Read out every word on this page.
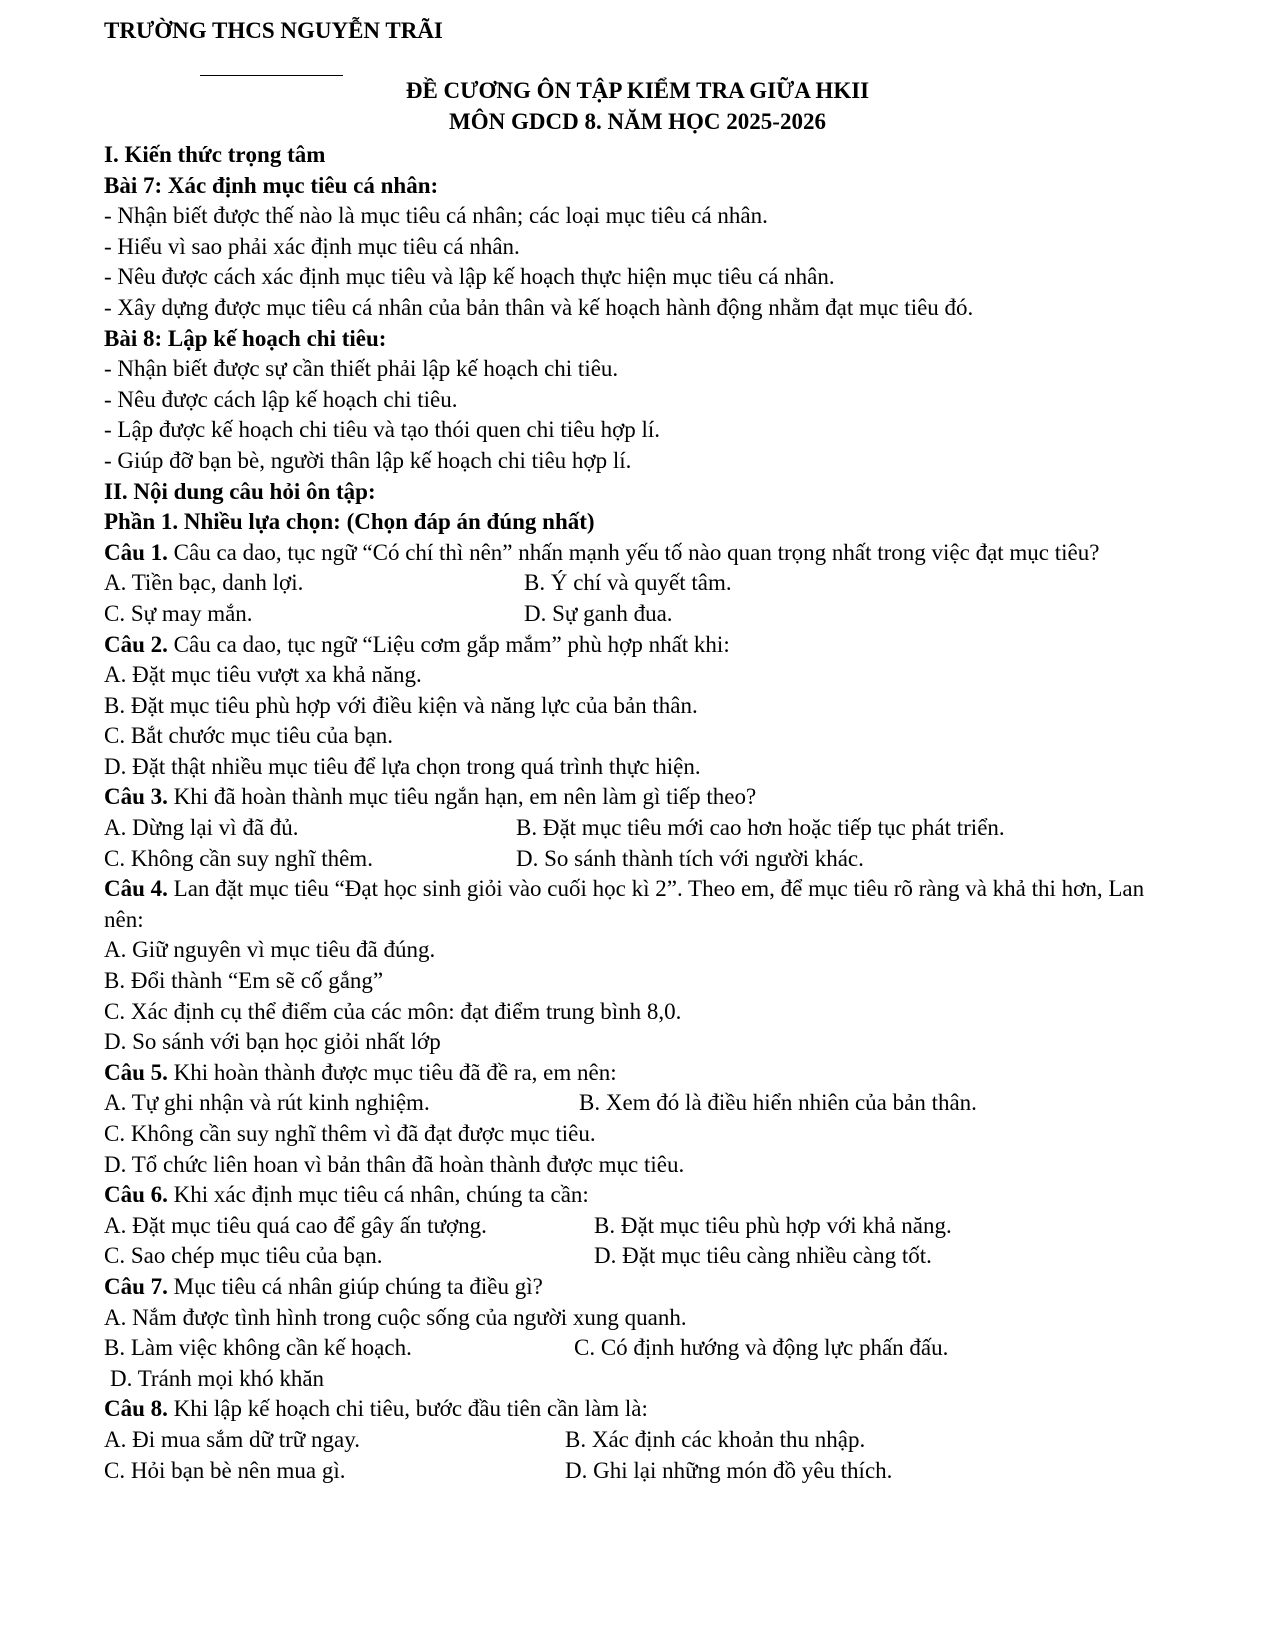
TRƯỜNG THCS NGUYỄN TRÃI
ĐỀ CƯƠNG ÔN TẬP KIỂM TRA GIỮA HKII
MÔN GDCD 8. NĂM HỌC 2025-2026
I. Kiến thức trọng tâm
Bài 7: Xác định mục tiêu cá nhân:
- Nhận biết được thế nào là mục tiêu cá nhân; các loại mục tiêu cá nhân.
- Hiểu vì sao phải xác định mục tiêu cá nhân.
- Nêu được cách xác định mục tiêu và lập kế hoạch thực hiện mục tiêu cá nhân.
- Xây dựng được mục tiêu cá nhân của bản thân và kế hoạch hành động nhằm đạt mục tiêu đó.
Bài 8: Lập kế hoạch chi tiêu:
- Nhận biết được sự cần thiết phải lập kế hoạch chi tiêu.
- Nêu được cách lập kế hoạch chi tiêu.
- Lập được kế hoạch chi tiêu và tạo thói quen chi tiêu hợp lí.
- Giúp đỡ bạn bè, người thân lập kế hoạch chi tiêu hợp lí.
II. Nội dung câu hỏi ôn tập:
Phần 1. Nhiều lựa chọn: (Chọn đáp án đúng nhất)
Câu 1. Câu ca dao, tục ngữ “Có chí thì nên” nhấn mạnh yếu tố nào quan trọng nhất trong việc đạt mục tiêu?
A. Tiền bạc, danh lợi.	B. Ý chí và quyết tâm.
C. Sự may mắn.	D. Sự ganh đua.
Câu 2. Câu ca dao, tục ngữ “Liệu cơm gắp mắm” phù hợp nhất khi:
A. Đặt mục tiêu vượt xa khả năng.
B. Đặt mục tiêu phù hợp với điều kiện và năng lực của bản thân.
C. Bắt chước mục tiêu của bạn.
D. Đặt thật nhiều mục tiêu để lựa chọn trong quá trình thực hiện.
Câu 3. Khi đã hoàn thành mục tiêu ngắn hạn, em nên làm gì tiếp theo?
A. Dừng lại vì đã đủ.	B. Đặt mục tiêu mới cao hơn hoặc tiếp tục phát triển.
C. Không cần suy nghĩ thêm.	D. So sánh thành tích với người khác.
Câu 4. Lan đặt mục tiêu “Đạt học sinh giỏi vào cuối học kì 2”. Theo em, để mục tiêu rõ ràng và khả thi hơn, Lan nên:
A. Giữ nguyên vì mục tiêu đã đúng.
B. Đổi thành “Em sẽ cố gắng”
C. Xác định cụ thể điểm của các môn: đạt điểm trung bình 8,0.
D. So sánh với bạn học giỏi nhất lớp
Câu 5. Khi hoàn thành được mục tiêu đã đề ra, em nên:
A. Tự ghi nhận và rút kinh nghiệm.	B. Xem đó là điều hiển nhiên của bản thân.
C. Không cần suy nghĩ thêm vì đã đạt được mục tiêu.
D. Tổ chức liên hoan vì bản thân đã hoàn thành được mục tiêu.
Câu 6. Khi xác định mục tiêu cá nhân, chúng ta cần:
A. Đặt mục tiêu quá cao để gây ấn tượng.	B. Đặt mục tiêu phù hợp với khả năng.
C. Sao chép mục tiêu của bạn.	D. Đặt mục tiêu càng nhiều càng tốt.
Câu 7. Mục tiêu cá nhân giúp chúng ta điều gì?
A. Nắm được tình hình trong cuộc sống của người xung quanh.
B. Làm việc không cần kế hoạch.	C. Có định hướng và động lực phấn đấu.
D. Tránh mọi khó khăn
Câu 8. Khi lập kế hoạch chi tiêu, bước đầu tiên cần làm là:
A. Đi mua sắm dữ trữ ngay.	B. Xác định các khoản thu nhập.
C. Hỏi bạn bè nên mua gì.	D. Ghi lại những món đồ yêu thích.
